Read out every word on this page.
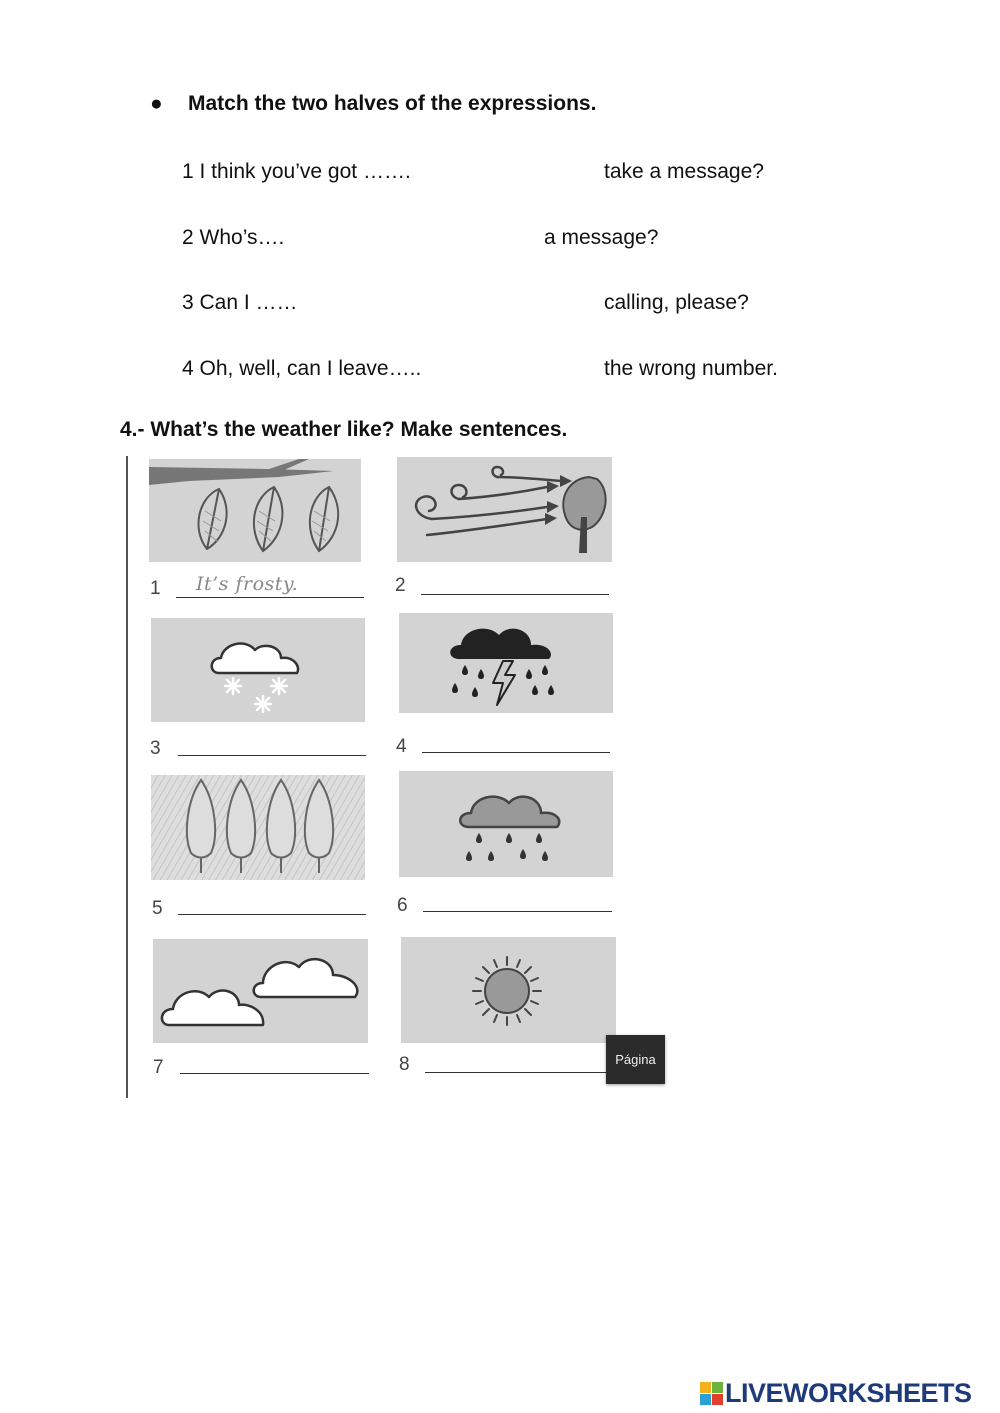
● Match the two halves of the expressions.
1 I think you’ve got …….	take a message?
2 Who’s….	a message?
3 Can I ……	calling, please?
4 Oh, well, can I leave…..	the wrong number.
4.- What’s the weather like? Make sentences.
1 It’s frosty.	2
3	4
5	6
7	8	Página
LIVEWORKSHEETS
